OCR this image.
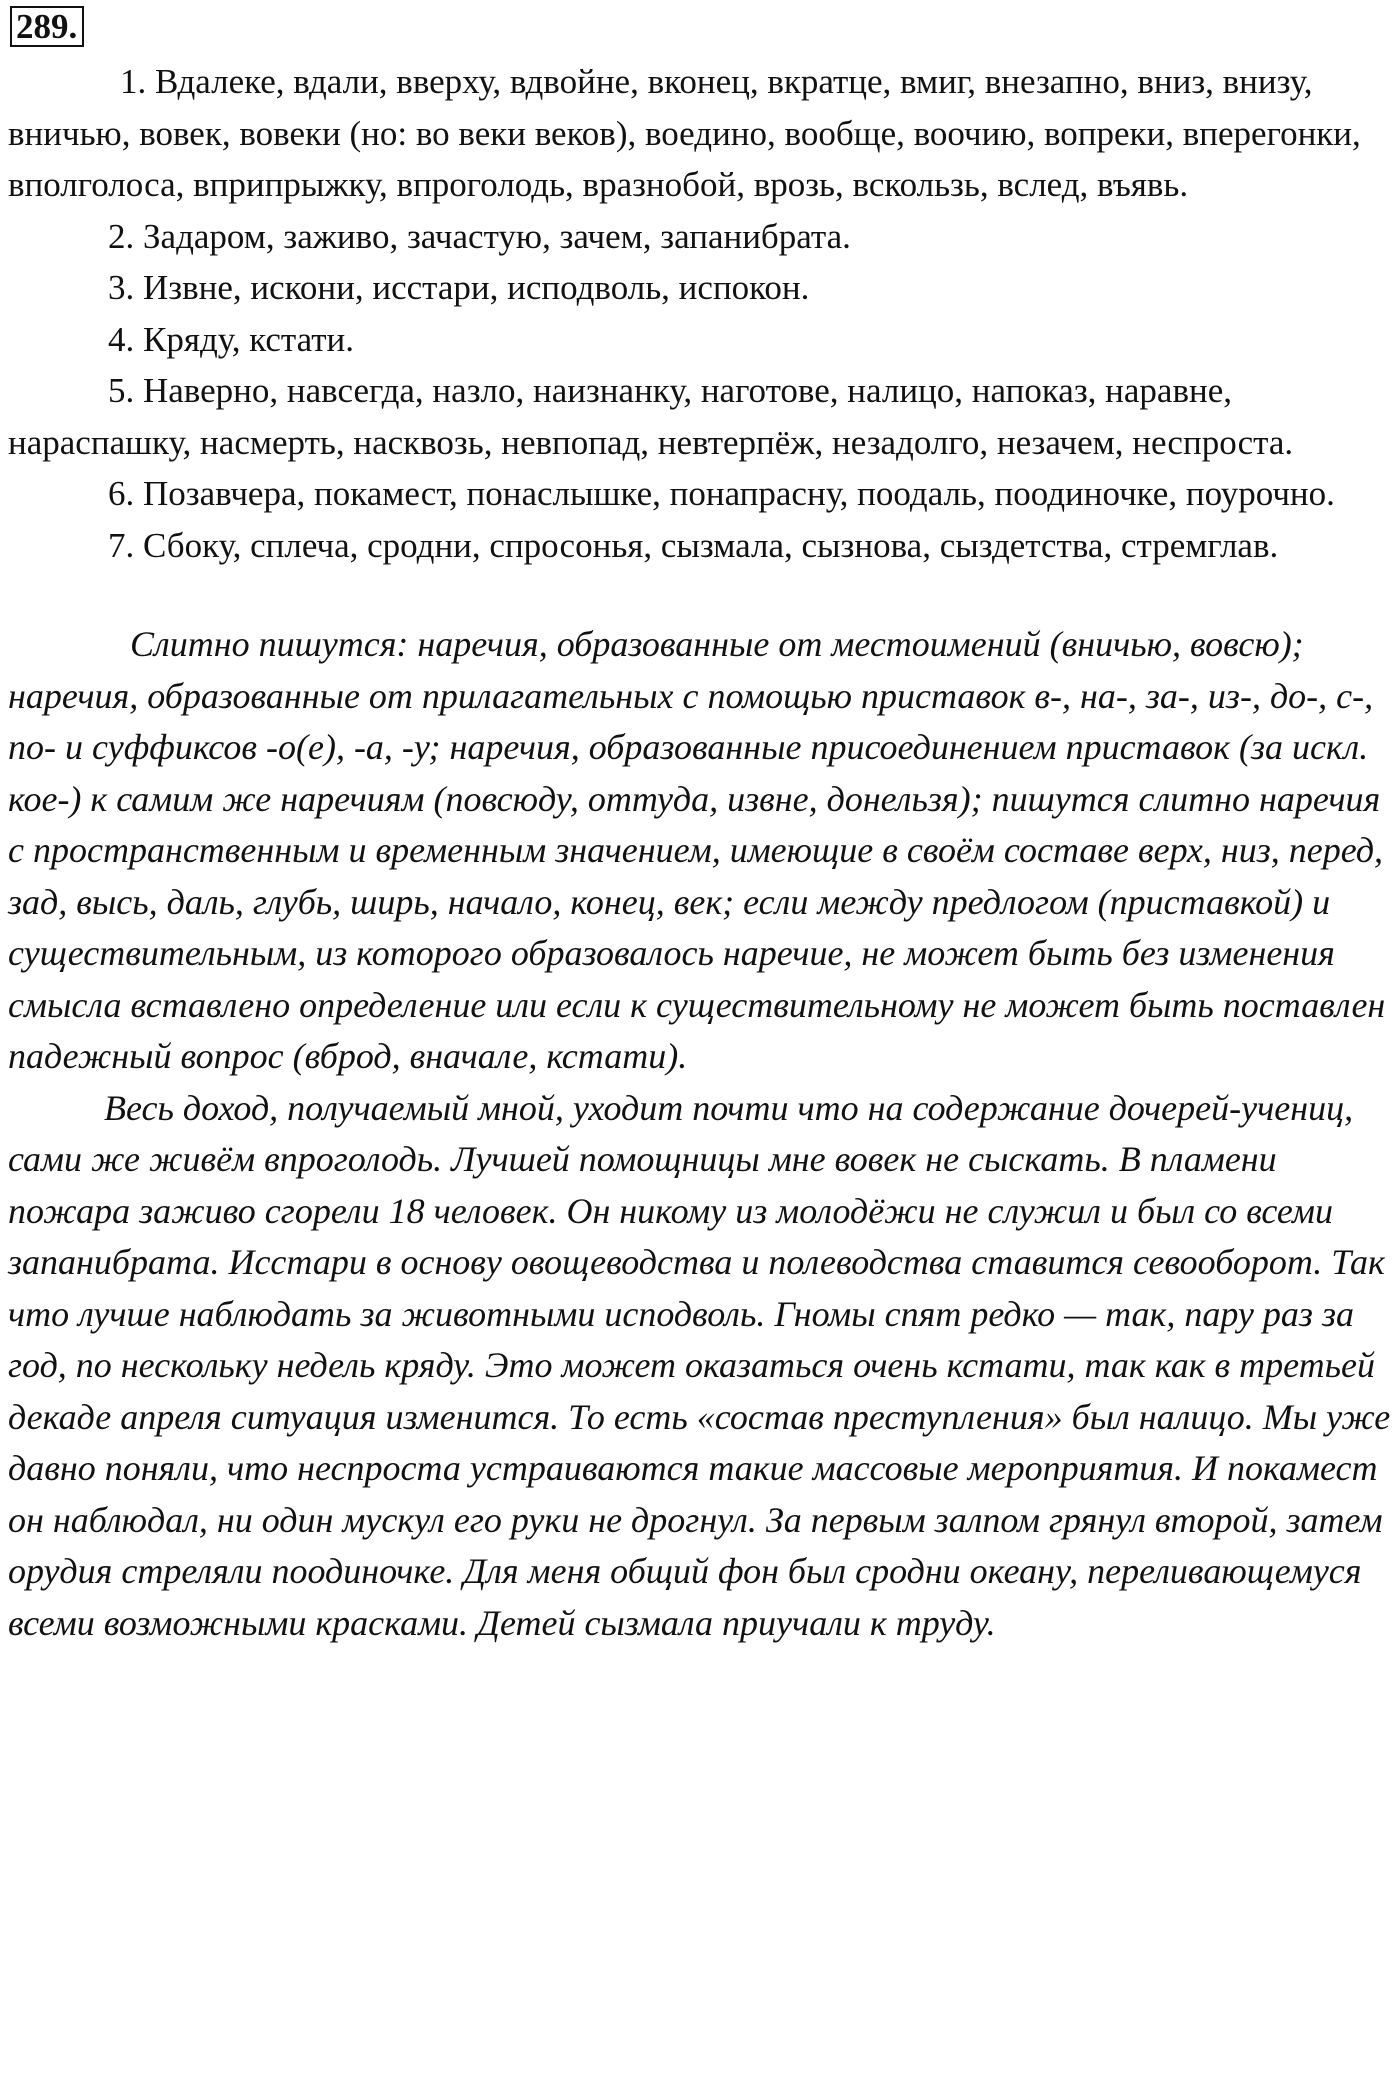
289.

1. Вдалеке, вдали, вверху, вдвойне, вконец, вкратце, вмиг, внезапно, вниз, внизу, вничью, вовек, вовеки (но: во веки веков), воедино, вообще, воочию, вопреки, вперегонки, вполголоса, вприпрыжку, впроголодь, вразнобой, врозь, вскользь, вслед, въявь.

2. Задаром, заживо, зачастую, зачем, запанибрата.

3. Извне, искони, исстари, исподволь, испокон.

4. Кряду, кстати.

5. Наверно, навсегда, назло, наизнанку, наготове, налицо, напоказ, наравне, нараспашку, насмерть, насквозь, невпопад, невтерпёж, незадолго, незачем, неспроста.

6. Позавчера, покамест, понаслышке, понапрасну, поодаль, поодиночке, поурочно.

7. Сбоку, сплеча, сродни, спросонья, сызмала, сызнова, сыздетства, стремглав.

Слитно пишутся: наречия, образованные от местоимений (вничью, вовсю); наречия, образованные от прилагательных с помощью приставок в-, на-, за-, из-, до-, с-, по- и суффиксов -о(е), -а, -у; наречия, образованные присоединением приставок (за искл. кое-) к самим же наречиям (повсюду, оттуда, извне, донельзя); пишутся слитно наречия с пространственным и временным значением, имеющие в своём составе верх, низ, перед, зад, высь, даль, глубь, ширь, начало, конец, век; если между предлогом (приставкой) и существительным, из которого образовалось наречие, не может быть без изменения смысла вставлено определение или если к существительному не может быть поставлен падежный вопрос (вброд, вначале, кстати).

Весь доход, получаемый мной, уходит почти что на содержание дочерей-учениц, сами же живём впроголодь. Лучшей помощницы мне вовек не сыскать. В пламени пожара заживо сгорели 18 человек. Он никому из молодёжи не служил и был со всеми запанибрата. Исстари в основу овощеводства и полеводства ставится севооборот. Так что лучше наблюдать за животными исподволь. Гномы спят редко — так, пару раз за год, по нескольку недель кряду. Это может оказаться очень кстати, так как в третьей декаде апреля ситуация изменится. То есть «состав преступления» был налицо. Мы уже давно поняли, что неспроста устраиваются такие массовые мероприятия. И покамест он наблюдал, ни один мускул его руки не дрогнул. За первым залпом грянул второй, затем орудия стреляли поодиночке. Для меня общий фон был сродни океану, переливающемуся всеми возможными красками. Детей сызмала приучали к труду.
